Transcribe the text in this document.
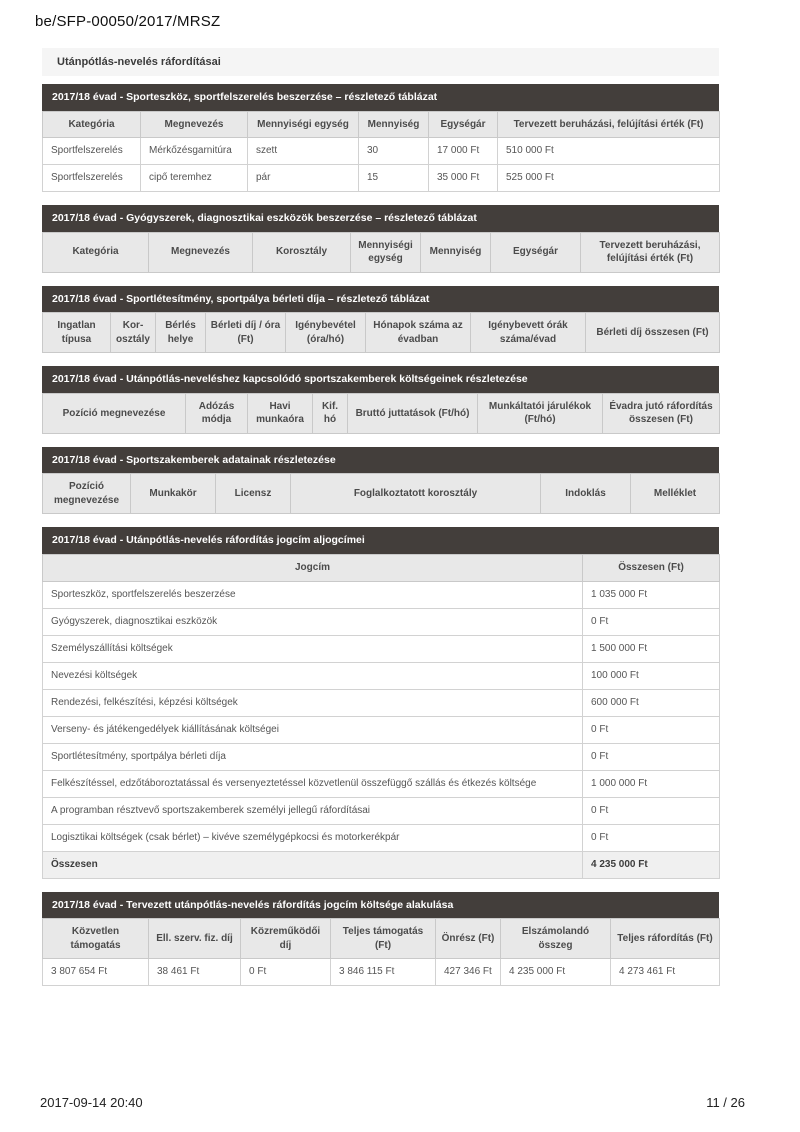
be/SFP-00050/2017/MRSZ
Utánpótlás-nevelés ráfordításai
2017/18 évad - Sporteszköz, sportfelszerelés beszerzése – részletező táblázat
Kategória	Megnevezés	Mennyiségi egység	Mennyiség	Egységár	Tervezett beruházási, felújítási érték (Ft)
Sportfelszerelés	Mérkőzésgarnitúra	szett	30	17 000 Ft	510 000 Ft
Sportfelszerelés	cipő teremhez	pár	15	35 000 Ft	525 000 Ft
2017/18 évad - Gyógyszerek, diagnosztikai eszközök beszerzése – részletező táblázat
Kategória	Megnevezés	Korosztály	Mennyiségi egység	Mennyiség	Egységár	Tervezett beruházási, felújítási érték (Ft)
2017/18 évad - Sportlétesítmény, sportpálya bérleti díja – részletező táblázat
Ingatlan típusa	Kor-osztály	Bérlés helye	Bérleti díj / óra (Ft)	Igénybevétel (óra/hó)	Hónapok száma az évadban	Igénybevett órák száma/évad	Bérleti díj összesen (Ft)
2017/18 évad - Utánpótlás-neveléshez kapcsolódó sportszakemberek költségeinek részletezése
Pozíció megnevezése	Adózás módja	Havi munkaóra	Kif. hó	Bruttó juttatások (Ft/hó)	Munkáltatói járulékok (Ft/hó)	Évadra jutó ráfordítás összesen (Ft)
2017/18 évad - Sportszakemberek adatainak részletezése
Pozíció megnevezése	Munkakör	Licensz	Foglalkoztatott korosztály	Indoklás	Melléklet
2017/18 évad - Utánpótlás-nevelés ráfordítás jogcím aljogcímei
Jogcím	Összesen (Ft)
Sporteszköz, sportfelszerelés beszerzése	1 035 000 Ft
Gyógyszerek, diagnosztikai eszközök	0 Ft
Személyszállítási költségek	1 500 000 Ft
Nevezési költségek	100 000 Ft
Rendezési, felkészítési, képzési költségek	600 000 Ft
Verseny- és játékengedélyek kiállításának költségei	0 Ft
Sportlétesítmény, sportpálya bérleti díja	0 Ft
Felkészítéssel, edzőtáboroztatással és versenyeztetéssel közvetlenül összefüggő szállás és étkezés költsége	1 000 000 Ft
A programban résztvevő sportszakemberek személyi jellegű ráfordításai	0 Ft
Logisztikai költségek (csak bérlet) – kivéve személygépkocsi és motorkerékpár	0 Ft
Összesen	4 235 000 Ft
2017/18 évad - Tervezett utánpótlás-nevelés ráfordítás jogcím költsége alakulása
Közvetlen támogatás	Ell. szerv. fiz. díj	Közreműködői díj	Teljes támogatás (Ft)	Önrész (Ft)	Elszámolandó összeg	Teljes ráfordítás (Ft)
3 807 654 Ft	38 461 Ft	0 Ft	3 846 115 Ft	427 346 Ft	4 235 000 Ft	4 273 461 Ft
2017-09-14 20:40	11 / 26
